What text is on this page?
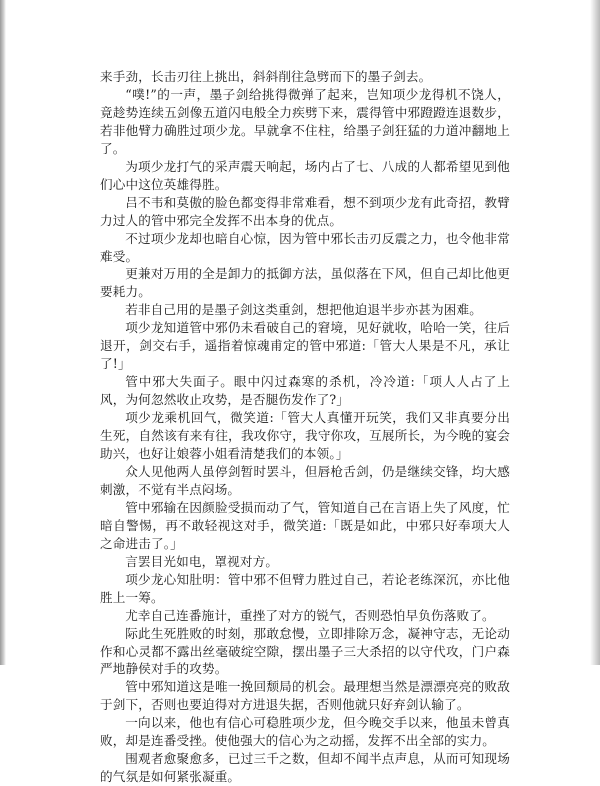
来手劲，长击刃往上挑出，斜斜削往急劈而下的墨子剑去。

“噗!”的一声，墨子剑给挑得微弹了起来，岂知项少龙得机不饶人，竟趁势连续五剑像五道闪电般全力疾劈下来，震得管中邪蹬蹬连退数步，若非他臂力确胜过项少龙。早就拿不住柱，给墨子剑狂猛的力道冲翻地上了。

为项少龙打气的采声震天响起，场内占了七、八成的人都希望见到他们心中这位英雄得胜。

吕不韦和莫傲的脸色都变得非常难看，想不到项少龙有此奇招，教臂力过人的管中邪完全发挥不出本身的优点。

不过项少龙却也暗自心惊，因为管中邪长击刃反震之力，也令他非常难受。

更兼对万用的全是卸力的抵御方法，虽似落在下风，但自己却比他更要耗力。

若非自己用的是墨子剑这类重剑，想把他迫退半步亦甚为困难。

项少龙知道管中邪仍未看破自己的窘境，见好就收，哈哈一笑，往后退开，剑交右手，遥指着惊魂甫定的管中邪道:「管大人果是不凡，承让了!」

管中邪大失面子。眼中闪过森寒的杀机，冷冷道:「项人人占了上风，为何忽然收止攻势，是否腿伤发作了?」

项少龙乘机回气，微笑道:「管大人真懂开玩笑，我们又非真要分出生死，自然该有来有往，我攻你守，我守你攻，互展所长，为今晚的宴会助兴，也好让娘蓉小姐看清楚我们的本领。」

众人见他两人虽停剑暂时罢斗，但唇枪舌剑，仍是继续交锋，均大感刺激，不觉有半点闷场。

管中邪输在因颜脸受损而动了气，管知道自己在言语上失了风度，忙暗自警惕，再不敢轻视这对手，微笑道:「既是如此，中邪只好奉项大人之命进击了。」

言罢目光如电，罩视对方。

项少龙心知肚明：管中邪不但臂力胜过自己，若论老练深沉，亦比他胜上一筹。

尤幸自己连番施计，重挫了对方的锐气，否则恐怕早负伤落败了。

际此生死胜败的时刻，那敢怠慢，立即排除万念，凝神守志，无论动作和心灵都不露出丝毫破绽空隙，摆出墨子三大杀招的以守代攻，门户森严地静侯对手的攻势。

管中邪知道这是唯一挽回颓局的机会。最理想当然是漂漂亮亮的败敌于剑下，否则也要迫得对方进退失据，否则他就只好弃剑认输了。

一向以来，他也有信心可稳胜项少龙，但今晚交手以来，他虽未曾真败，却是连番受挫。使他强大的信心为之动摇，发挥不出全部的实力。

围观者愈聚愈多，已过三千之数，但却不闻半点声息，从而可知现场的气氛是如何紧张凝重。
